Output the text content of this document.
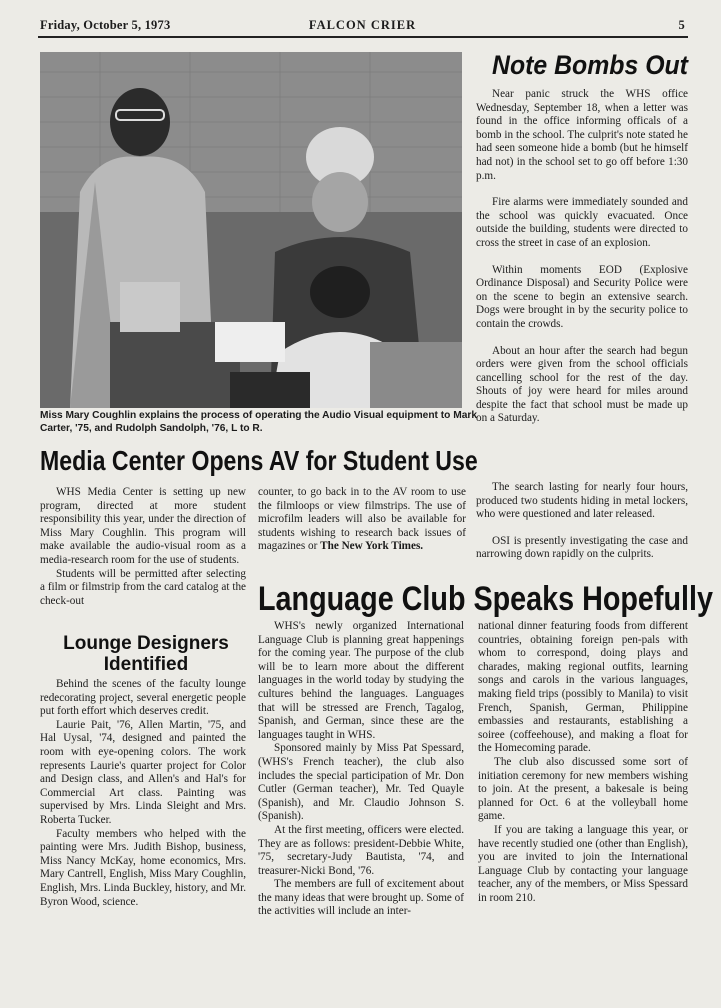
Friday, October 5, 1973	FALCON CRIER	5
Miss Mary Coughlin explains the process of operating the Audio Visual equipment to Mark Carter, '75, and Rudolph Sandolph, '76, L to R.
Note Bombs Out

Near panic struck the WHS office Wednesday, September 18, when a letter was found in the office informing officals of a bomb in the school. The culprit's note stated he had seen someone hide a bomb (but he himself had not) in the school set to go off before 1:30 p.m.

Fire alarms were immediately sounded and the school was quickly evacuated. Once outside the building, students were directed to cross the street in case of an explosion.

Within moments EOD (Explosive Ordinance Disposal) and Security Police were on the scene to begin an extensive search. Dogs were brought in by the security police to contain the crowds.

About an hour after the search had begun orders were given from the school officials cancelling school for the rest of the day. Shouts of joy were heard for miles around despite the fact that school must be made up on a Saturday.

The search lasting for nearly four hours, produced two students hiding in metal lockers, who were questioned and later released.

OSI is presently investigating the case and narrowing down rapidly on the culprits.

Media Center Opens AV for Student Use

WHS Media Center is setting up new program, directed at more student responsibility this year, under the direction of Miss Mary Coughlin. This program will make available the audio-visual room as a media-research room for the use of students.

Students will be permitted after selecting a film or filmstrip from the card catalog at the check-out

counter, to go back in to the AV room to use the filmloops or view filmstrips. The use of microfilm leaders will also be available for students wishing to research back issues of magazines or The New York Times.

Lounge Designers Identified

Behind the scenes of the faculty lounge redecorating project, several energetic people put forth effort which deserves credit.

Laurie Pait, '76, Allen Martin, '75, and Hal Uysal, '74, designed and painted the room with eye-opening colors. The work represents Laurie's quarter project for Color and Design class, and Allen's and Hal's for Commercial Art class. Painting was supervised by Mrs. Linda Sleight and Mrs. Roberta Tucker.

Faculty members who helped with the painting were Mrs. Judith Bishop, business, Miss Nancy McKay, home economics, Mrs. Mary Cantrell, English, Miss Mary Coughlin, English, Mrs. Linda Buckley, history, and Mr. Byron Wood, science.

Language Club Speaks Hopefully

WHS's newly organized International Language Club is planning great happenings for the coming year. The purpose of the club will be to learn more about the different languages in the world today by studying the cultures behind the languages. Languages that will be stressed are French, Tagalog, Spanish, and German, since these are the languages taught in WHS.

Sponsored mainly by Miss Pat Spessard, (WHS's French teacher), the club also includes the special participation of Mr. Don Cutler (German teacher), Mr. Ted Quayle (Spanish), and Mr. Claudio Johnson S. (Spanish).

At the first meeting, officers were elected. They are as follows: president-Debbie White, '75, secretary-Judy Bautista, '74, and treasurer-Nicki Bond, '76.

The members are full of excitement about the many ideas that were brought up. Some of the activities will include an inter-

national dinner featuring foods from different countries, obtaining foreign pen-pals with whom to correspond, doing plays and charades, making regional outfits, learning songs and carols in the various languages, making field trips (possibly to Manila) to visit French, Spanish, German, Philippine embassies and restaurants, establishing a soiree (coffeehouse), and making a float for the Homecoming parade.

The club also discussed some sort of initiation ceremony for new members wishing to join. At the present, a bakesale is being planned for Oct. 6 at the volleyball home game.

If you are taking a language this year, or have recently studied one (other than English), you are invited to join the International Language Club by contacting your language teacher, any of the members, or Miss Spessard in room 210.
